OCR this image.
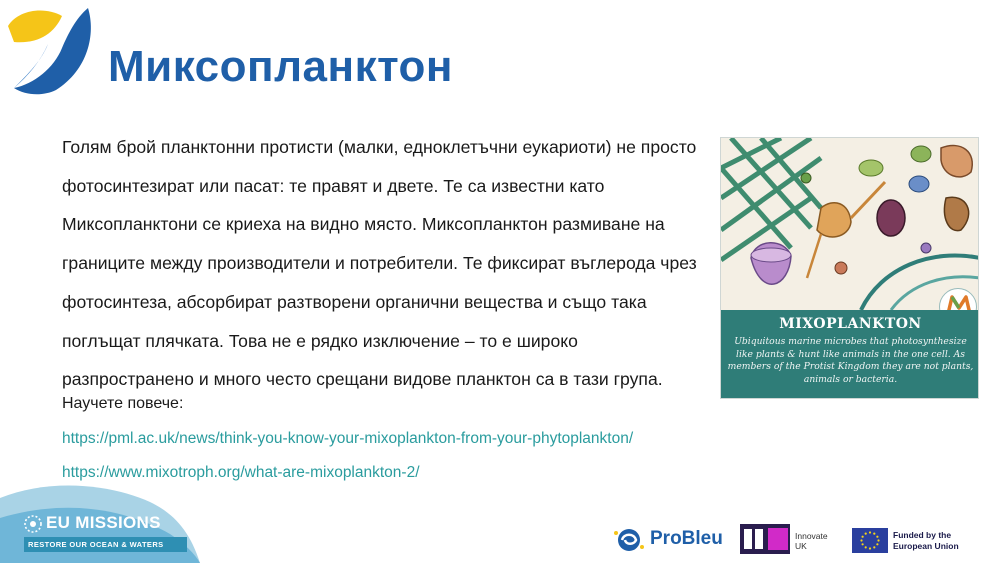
Миксопланктон

Голям брой планктонни протисти (малки, едноклетъчни еукариоти) не просто фотосинтезират или пасат: те правят и двете. Те са известни като Миксопланктони се криеха на видно място. Миксопланктон размиване на границите между производители и потребители. Те фиксират въглерода чрез фотосинтеза, абсорбират разтворени органични вещества и също така поглъщат плячката. Това не е рядко изключение – то е широко разпространено и много често срещани видове планктон са в тази група.

Научете повече:
https://pml.ac.uk/news/think-you-know-your-mixoplankton-from-your-phytoplankton/
https://www.mixotroph.org/what-are-mixoplankton-2/
MIXOPLANKTON
Ubiquitous marine microbes that photosynthesize like plants & hunt like animals in the one cell. As members of the Protist Kingdom they are not plants, animals or bacteria.
EU MISSIONS
RESTORE OUR OCEAN & WATERS	ProBleu	Innovate UK
Funded by the European Union
